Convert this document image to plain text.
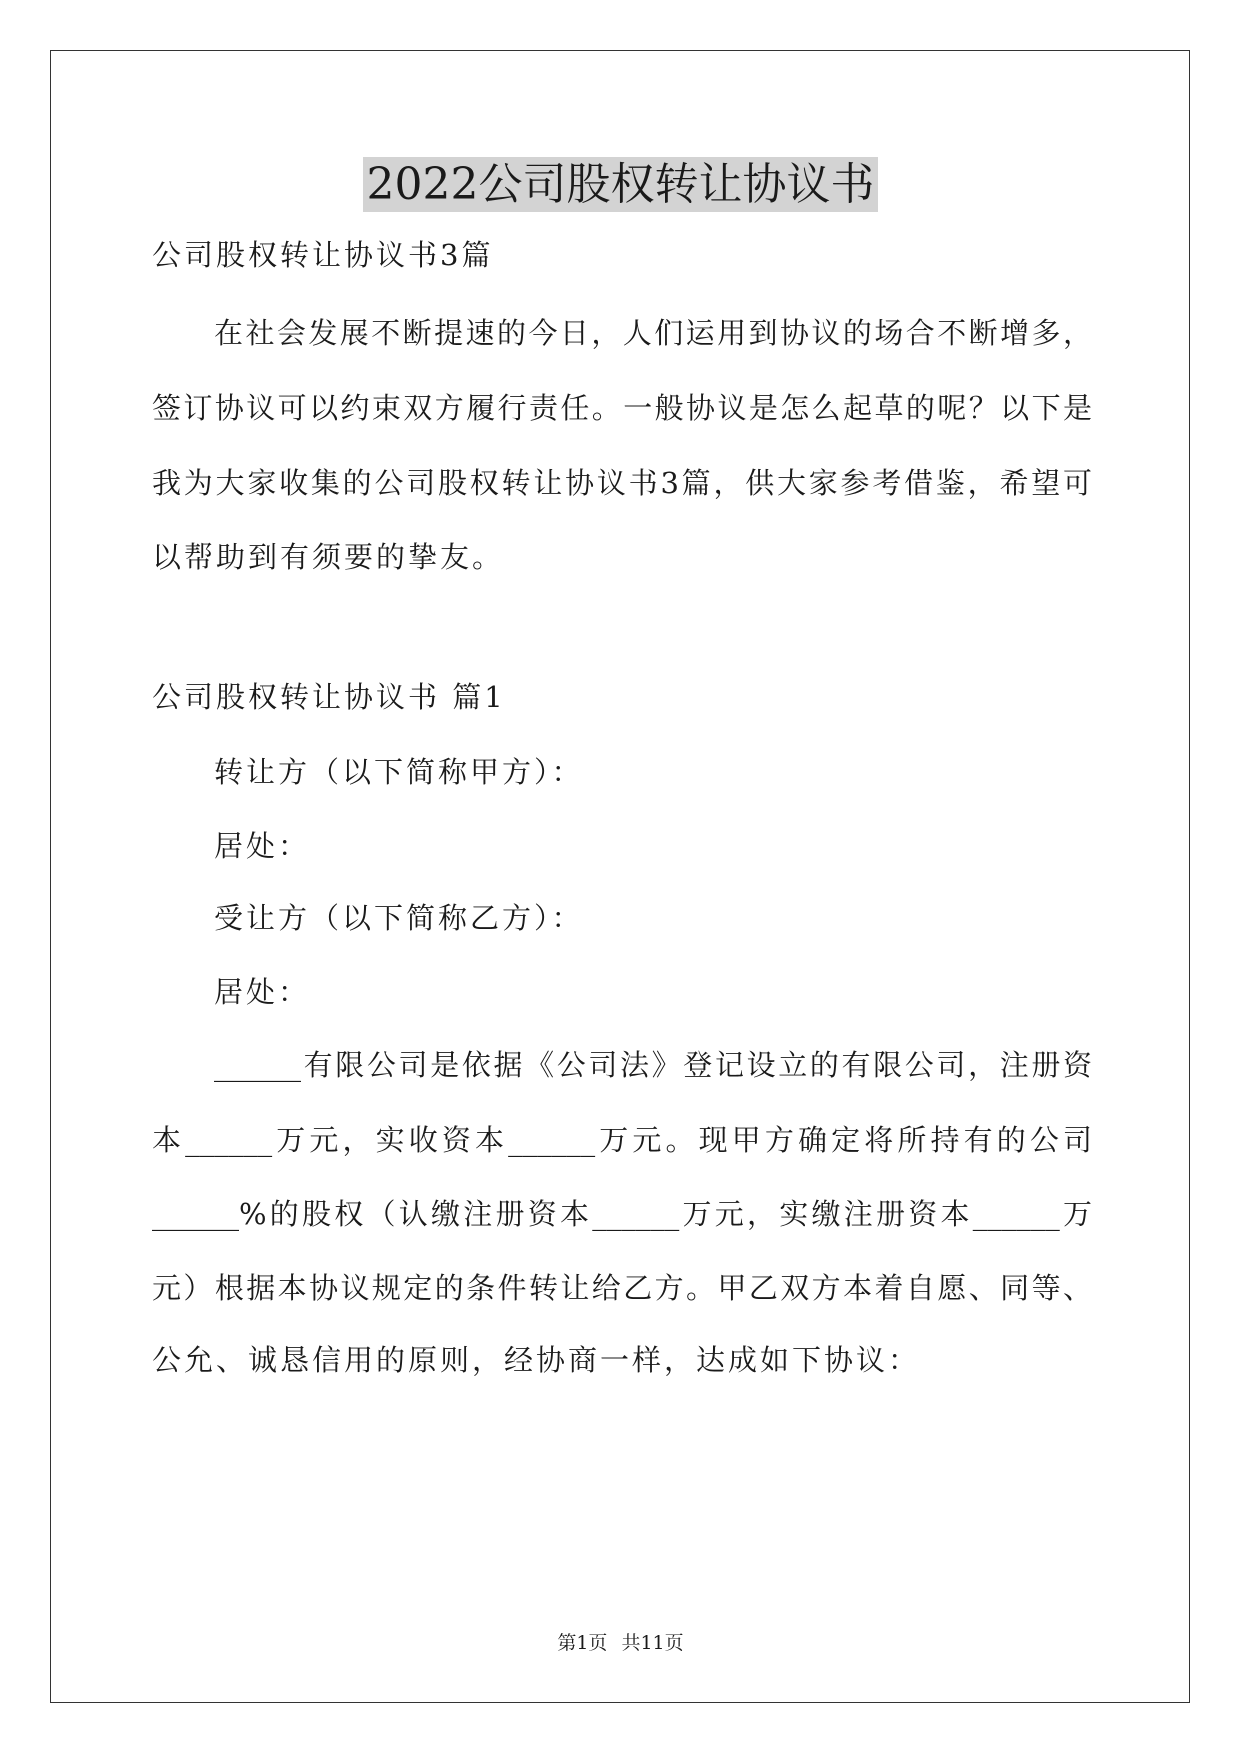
2022公司股权转让协议书
公司股权转让协议书3篇
在社会发展不断提速的今日，人们运用到协议的场合不断增多，
签订协议可以约束双方履行责任。一般协议是怎么起草的呢？以下是
我为大家收集的公司股权转让协议书3篇，供大家参考借鉴，希望可
以帮助到有须要的挚友。
公司股权转让协议书 篇1
转让方（以下简称甲方）：
居处：
受让方（以下简称乙方）：
居处：
______有限公司是依据《公司法》登记设立的有限公司，注册资
本______万元，实收资本______万元。现甲方确定将所持有的公司
______%的股权（认缴注册资本______万元，实缴注册资本______万
元）根据本协议规定的条件转让给乙方。甲乙双方本着自愿、同等、
公允、诚恳信用的原则，经协商一样，达成如下协议：
第1页 共11页
